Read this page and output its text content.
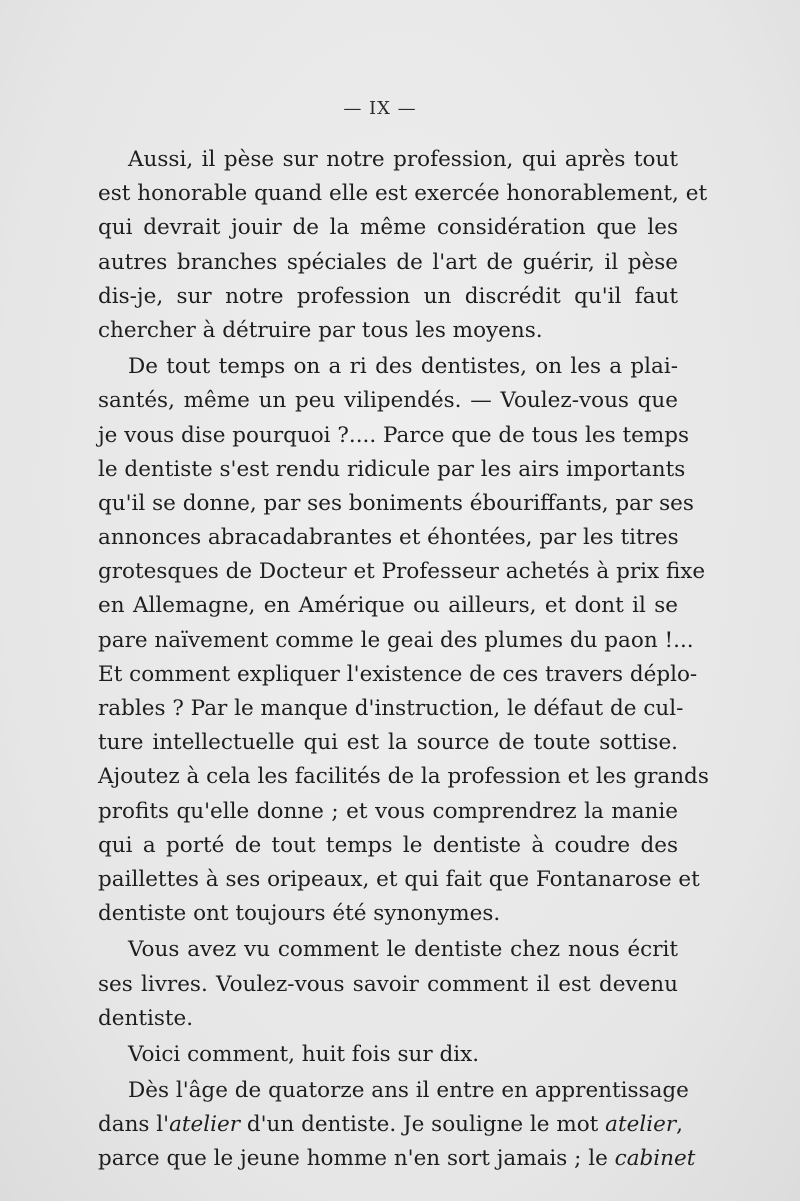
— IX —
Aussi, il pèse sur notre profession, qui après tout
est honorable quand elle est exercée honorablement, et
qui devrait jouir de la même considération que les
autres branches spéciales de l'art de guérir, il pèse
dis-je, sur notre profession un discrédit qu'il faut
chercher à détruire par tous les moyens.
De tout temps on a ri des dentistes, on les a plai-
santés, même un peu vilipendés. — Voulez-vous que
je vous dise pourquoi ?.... Parce que de tous les temps
le dentiste s'est rendu ridicule par les airs importants
qu'il se donne, par ses boniments ébouriffants, par ses
annonces abracadabrantes et éhontées, par les titres
grotesques de Docteur et Professeur achetés à prix fixe
en Allemagne, en Amérique ou ailleurs, et dont il se
pare naïvement comme le geai des plumes du paon !...
Et comment expliquer l'existence de ces travers déplo-
rables ? Par le manque d'instruction, le défaut de cul-
ture intellectuelle qui est la source de toute sottise.
Ajoutez à cela les facilités de la profession et les grands
profits qu'elle donne ; et vous comprendrez la manie
qui a porté de tout temps le dentiste à coudre des
paillettes à ses oripeaux, et qui fait que Fontanarose et
dentiste ont toujours été synonymes.
Vous avez vu comment le dentiste chez nous écrit
ses livres. Voulez-vous savoir comment il est devenu
dentiste.
Voici comment, huit fois sur dix.
Dès l'âge de quatorze ans il entre en apprentissage
dans l'atelier d'un dentiste. Je souligne le mot atelier,
parce que le jeune homme n'en sort jamais ; le cabinet
